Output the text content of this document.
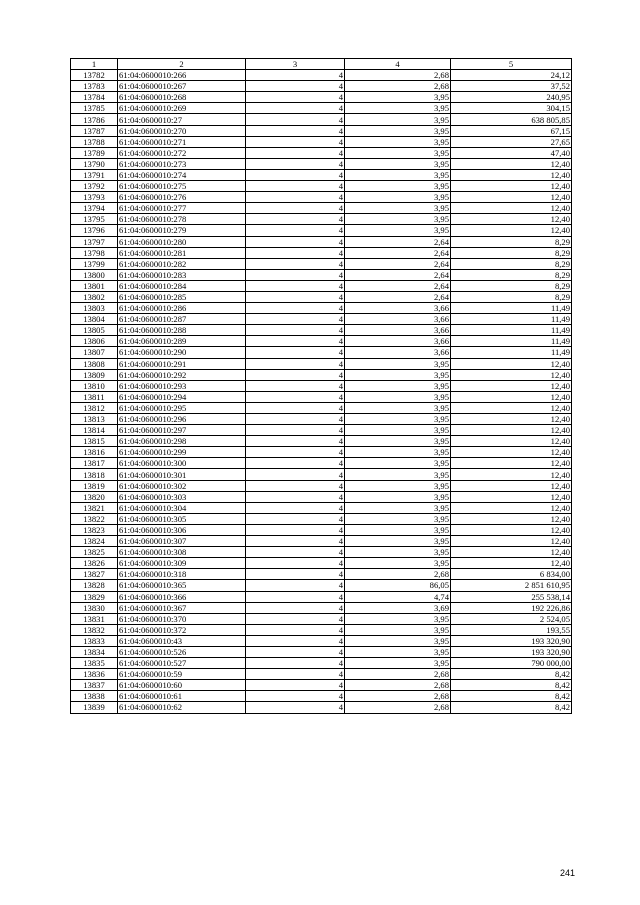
1	2	3	4	5
13782	61:04:0600010:266	4	2,68	24,12
13783	61:04:0600010:267	4	2,68	37,52
13784	61:04:0600010:268	4	3,95	240,95
13785	61:04:0600010:269	4	3,95	304,15
13786	61:04:0600010:27	4	3,95	638 805,85
13787	61:04:0600010:270	4	3,95	67,15
13788	61:04:0600010:271	4	3,95	27,65
13789	61:04:0600010:272	4	3,95	47,40
13790	61:04:0600010:273	4	3,95	12,40
13791	61:04:0600010:274	4	3,95	12,40
13792	61:04:0600010:275	4	3,95	12,40
13793	61:04:0600010:276	4	3,95	12,40
13794	61:04:0600010:277	4	3,95	12,40
13795	61:04:0600010:278	4	3,95	12,40
13796	61:04:0600010:279	4	3,95	12,40
13797	61:04:0600010:280	4	2,64	8,29
13798	61:04:0600010:281	4	2,64	8,29
13799	61:04:0600010:282	4	2,64	8,29
13800	61:04:0600010:283	4	2,64	8,29
13801	61:04:0600010:284	4	2,64	8,29
13802	61:04:0600010:285	4	2,64	8,29
13803	61:04:0600010:286	4	3,66	11,49
13804	61:04:0600010:287	4	3,66	11,49
13805	61:04:0600010:288	4	3,66	11,49
13806	61:04:0600010:289	4	3,66	11,49
13807	61:04:0600010:290	4	3,66	11,49
13808	61:04:0600010:291	4	3,95	12,40
13809	61:04:0600010:292	4	3,95	12,40
13810	61:04:0600010:293	4	3,95	12,40
13811	61:04:0600010:294	4	3,95	12,40
13812	61:04:0600010:295	4	3,95	12,40
13813	61:04:0600010:296	4	3,95	12,40
13814	61:04:0600010:297	4	3,95	12,40
13815	61:04:0600010:298	4	3,95	12,40
13816	61:04:0600010:299	4	3,95	12,40
13817	61:04:0600010:300	4	3,95	12,40
13818	61:04:0600010:301	4	3,95	12,40
13819	61:04:0600010:302	4	3,95	12,40
13820	61:04:0600010:303	4	3,95	12,40
13821	61:04:0600010:304	4	3,95	12,40
13822	61:04:0600010:305	4	3,95	12,40
13823	61:04:0600010:306	4	3,95	12,40
13824	61:04:0600010:307	4	3,95	12,40
13825	61:04:0600010:308	4	3,95	12,40
13826	61:04:0600010:309	4	3,95	12,40
13827	61:04:0600010:318	4	2,68	6 834,00
13828	61:04:0600010:365	4	86,05	2 851 610,95
13829	61:04:0600010:366	4	4,74	255 538,14
13830	61:04:0600010:367	4	3,69	192 226,86
13831	61:04:0600010:370	4	3,95	2 524,05
13832	61:04:0600010:372	4	3,95	193,55
13833	61:04:0600010:43	4	3,95	193 320,90
13834	61:04:0600010:526	4	3,95	193 320,90
13835	61:04:0600010:527	4	3,95	790 000,00
13836	61:04:0600010:59	4	2,68	8,42
13837	61:04:0600010:60	4	2,68	8,42
13838	61:04:0600010:61	4	2,68	8,42
13839	61:04:0600010:62	4	2,68	8,42
241
